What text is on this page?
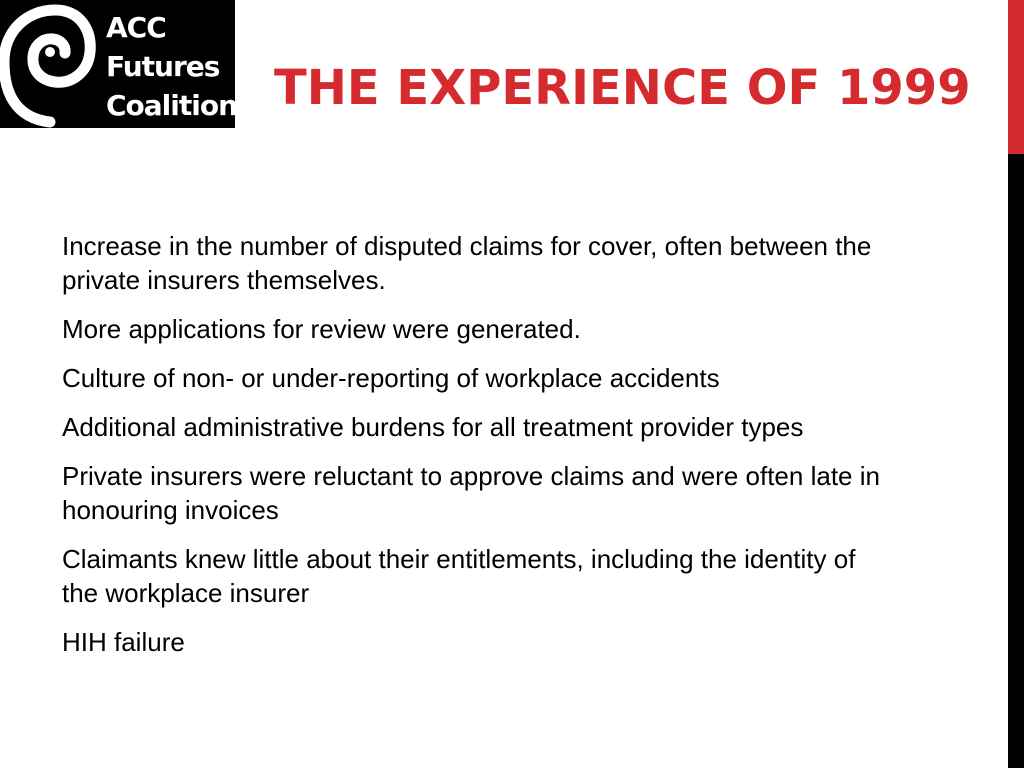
ACC
Futures
Coalition THE EXPERIENCE OF 1999
Increase in the number of disputed claims for cover, often between the private insurers themselves.
More applications for review were generated.
Culture of non- or under-reporting of workplace accidents
Additional administrative burdens for all treatment provider types
Private insurers were reluctant to approve claims and were often late in honouring invoices
Claimants knew little about their entitlements, including the identity of the workplace insurer
HIH failure
